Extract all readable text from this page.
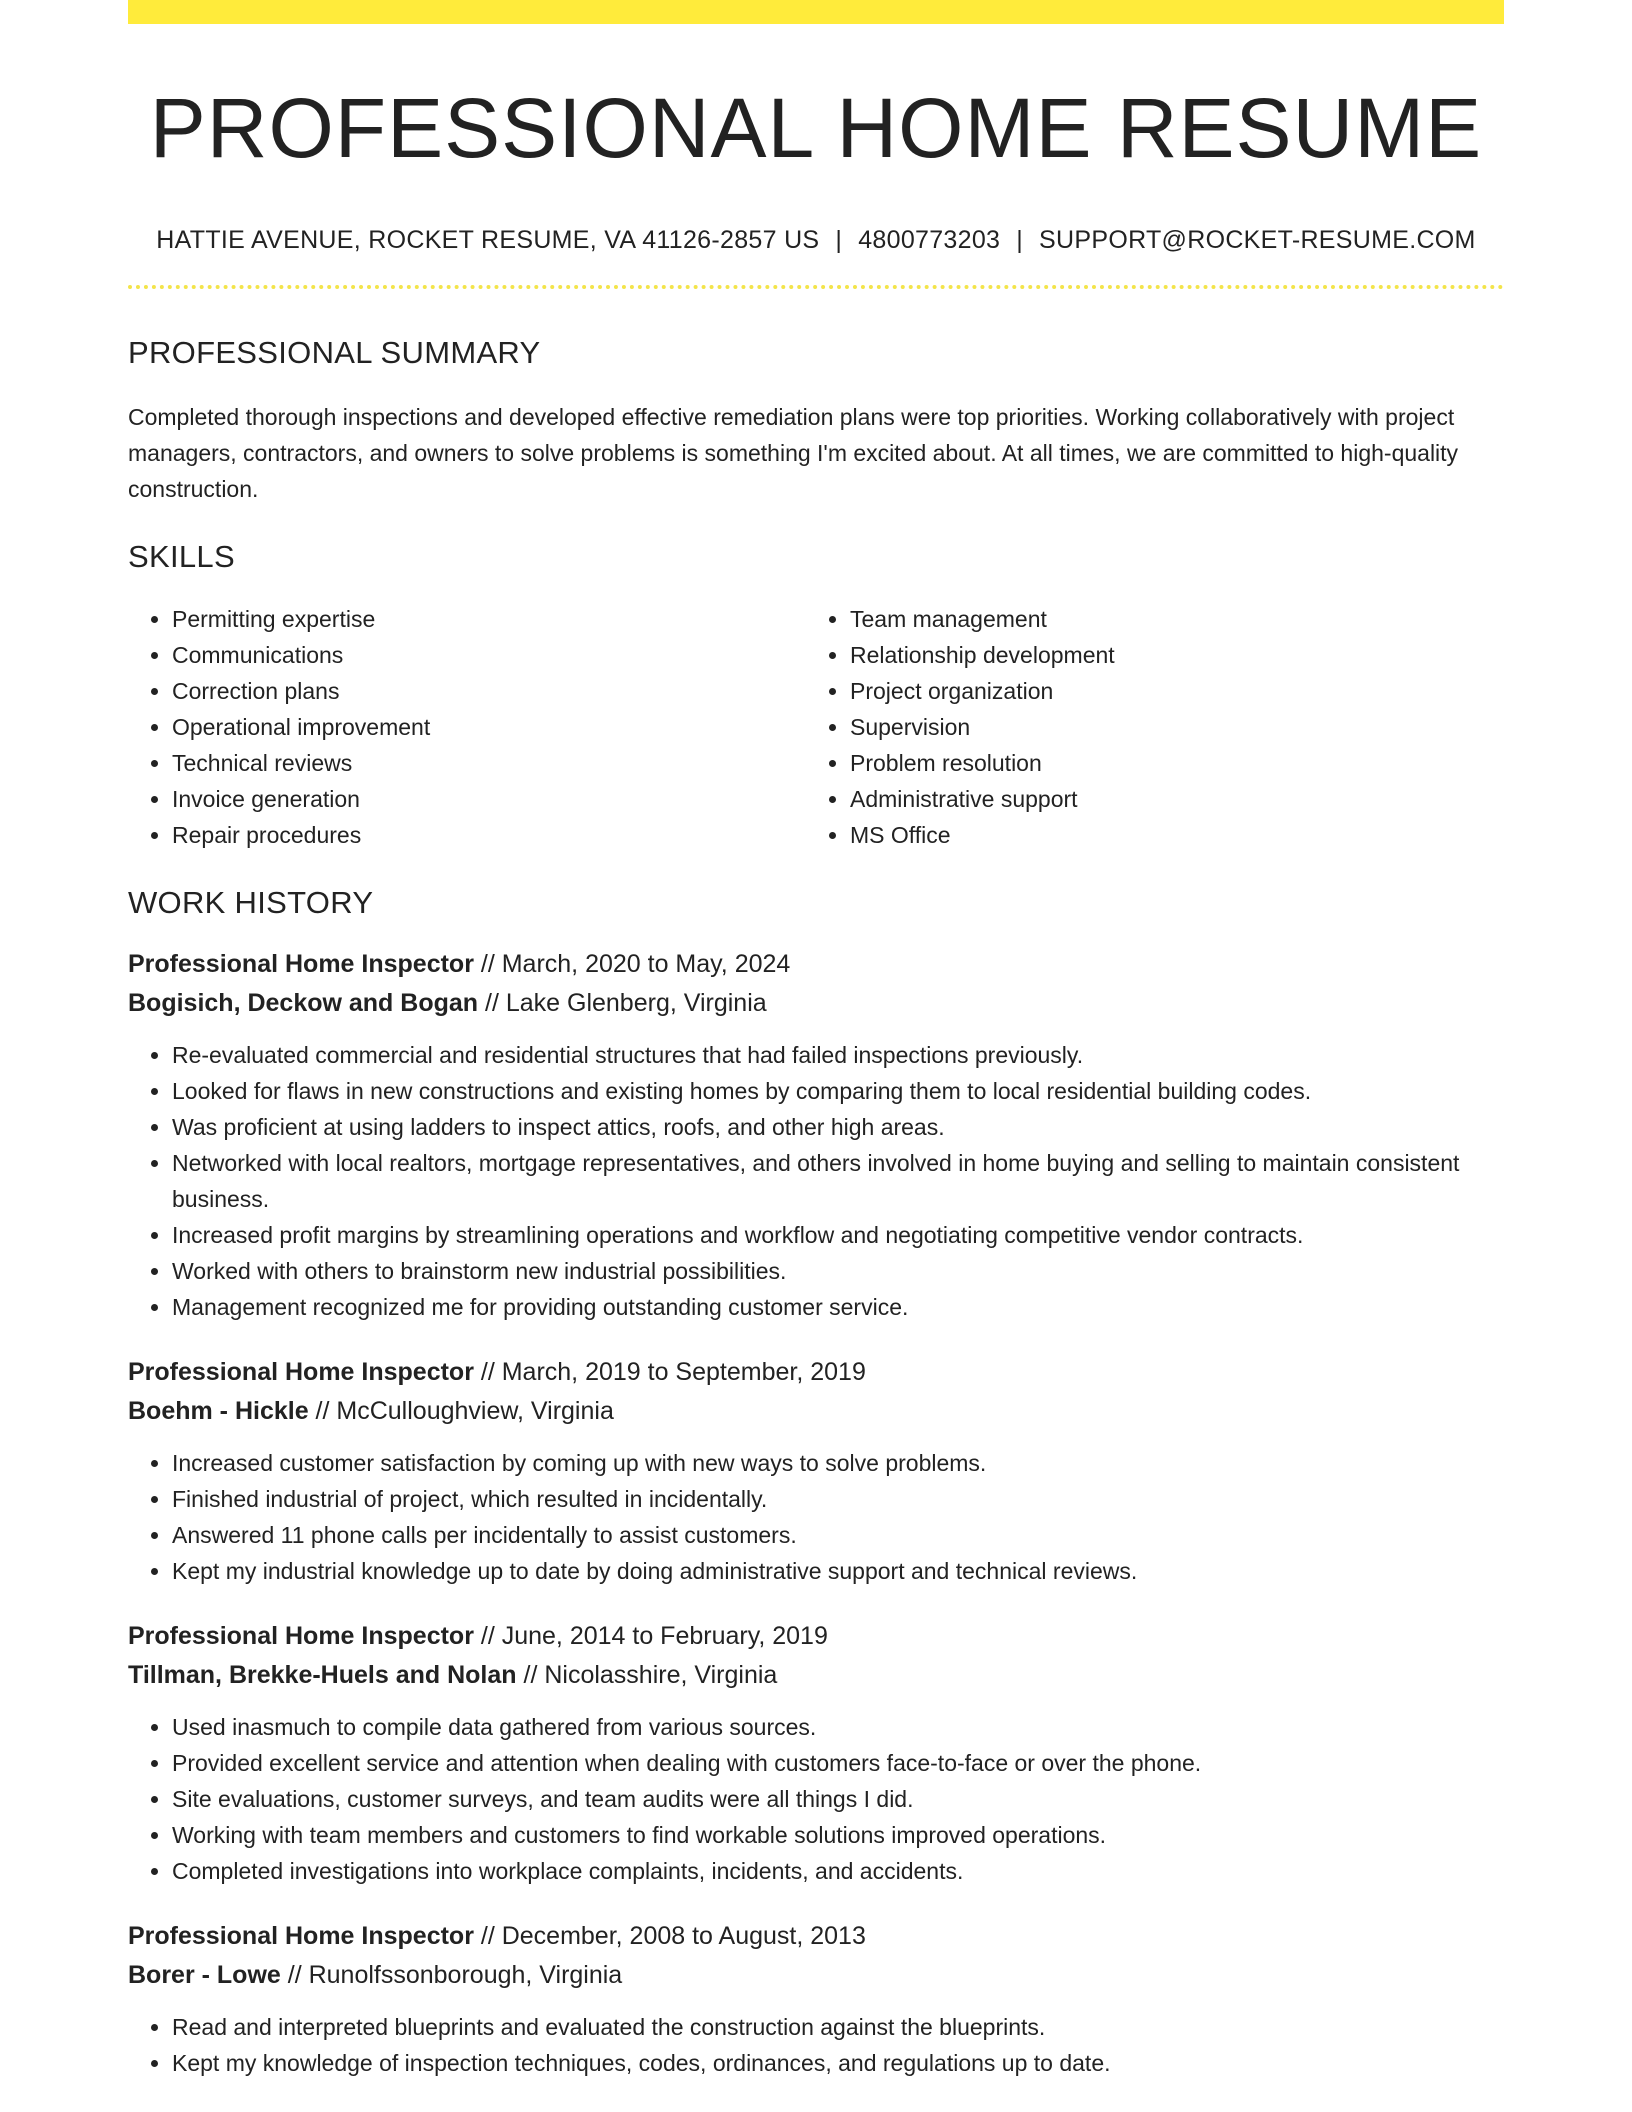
PROFESSIONAL HOME RESUME
HATTIE AVENUE, ROCKET RESUME, VA 41126-2857 US | 4800773203 | SUPPORT@ROCKET-RESUME.COM
PROFESSIONAL SUMMARY
Completed thorough inspections and developed effective remediation plans were top priorities. Working collaboratively with project managers, contractors, and owners to solve problems is something I'm excited about. At all times, we are committed to high-quality construction.
SKILLS
• Permitting expertise
• Communications
• Correction plans
• Operational improvement
• Technical reviews
• Invoice generation
• Repair procedures
• Team management
• Relationship development
• Project organization
• Supervision
• Problem resolution
• Administrative support
• MS Office
WORK HISTORY
Professional Home Inspector // March, 2020 to May, 2024
Bogisich, Deckow and Bogan // Lake Glenberg, Virginia
• Re-evaluated commercial and residential structures that had failed inspections previously.
• Looked for flaws in new constructions and existing homes by comparing them to local residential building codes.
• Was proficient at using ladders to inspect attics, roofs, and other high areas.
• Networked with local realtors, mortgage representatives, and others involved in home buying and selling to maintain consistent business.
• Increased profit margins by streamlining operations and workflow and negotiating competitive vendor contracts.
• Worked with others to brainstorm new industrial possibilities.
• Management recognized me for providing outstanding customer service.
Professional Home Inspector // March, 2019 to September, 2019
Boehm - Hickle // McCulloughview, Virginia
• Increased customer satisfaction by coming up with new ways to solve problems.
• Finished industrial of project, which resulted in incidentally.
• Answered 11 phone calls per incidentally to assist customers.
• Kept my industrial knowledge up to date by doing administrative support and technical reviews.
Professional Home Inspector // June, 2014 to February, 2019
Tillman, Brekke-Huels and Nolan // Nicolasshire, Virginia
• Used inasmuch to compile data gathered from various sources.
• Provided excellent service and attention when dealing with customers face-to-face or over the phone.
• Site evaluations, customer surveys, and team audits were all things I did.
• Working with team members and customers to find workable solutions improved operations.
• Completed investigations into workplace complaints, incidents, and accidents.
Professional Home Inspector // December, 2008 to August, 2013
Borer - Lowe // Runolfssonborough, Virginia
• Read and interpreted blueprints and evaluated the construction against the blueprints.
• Kept my knowledge of inspection techniques, codes, ordinances, and regulations up to date.
